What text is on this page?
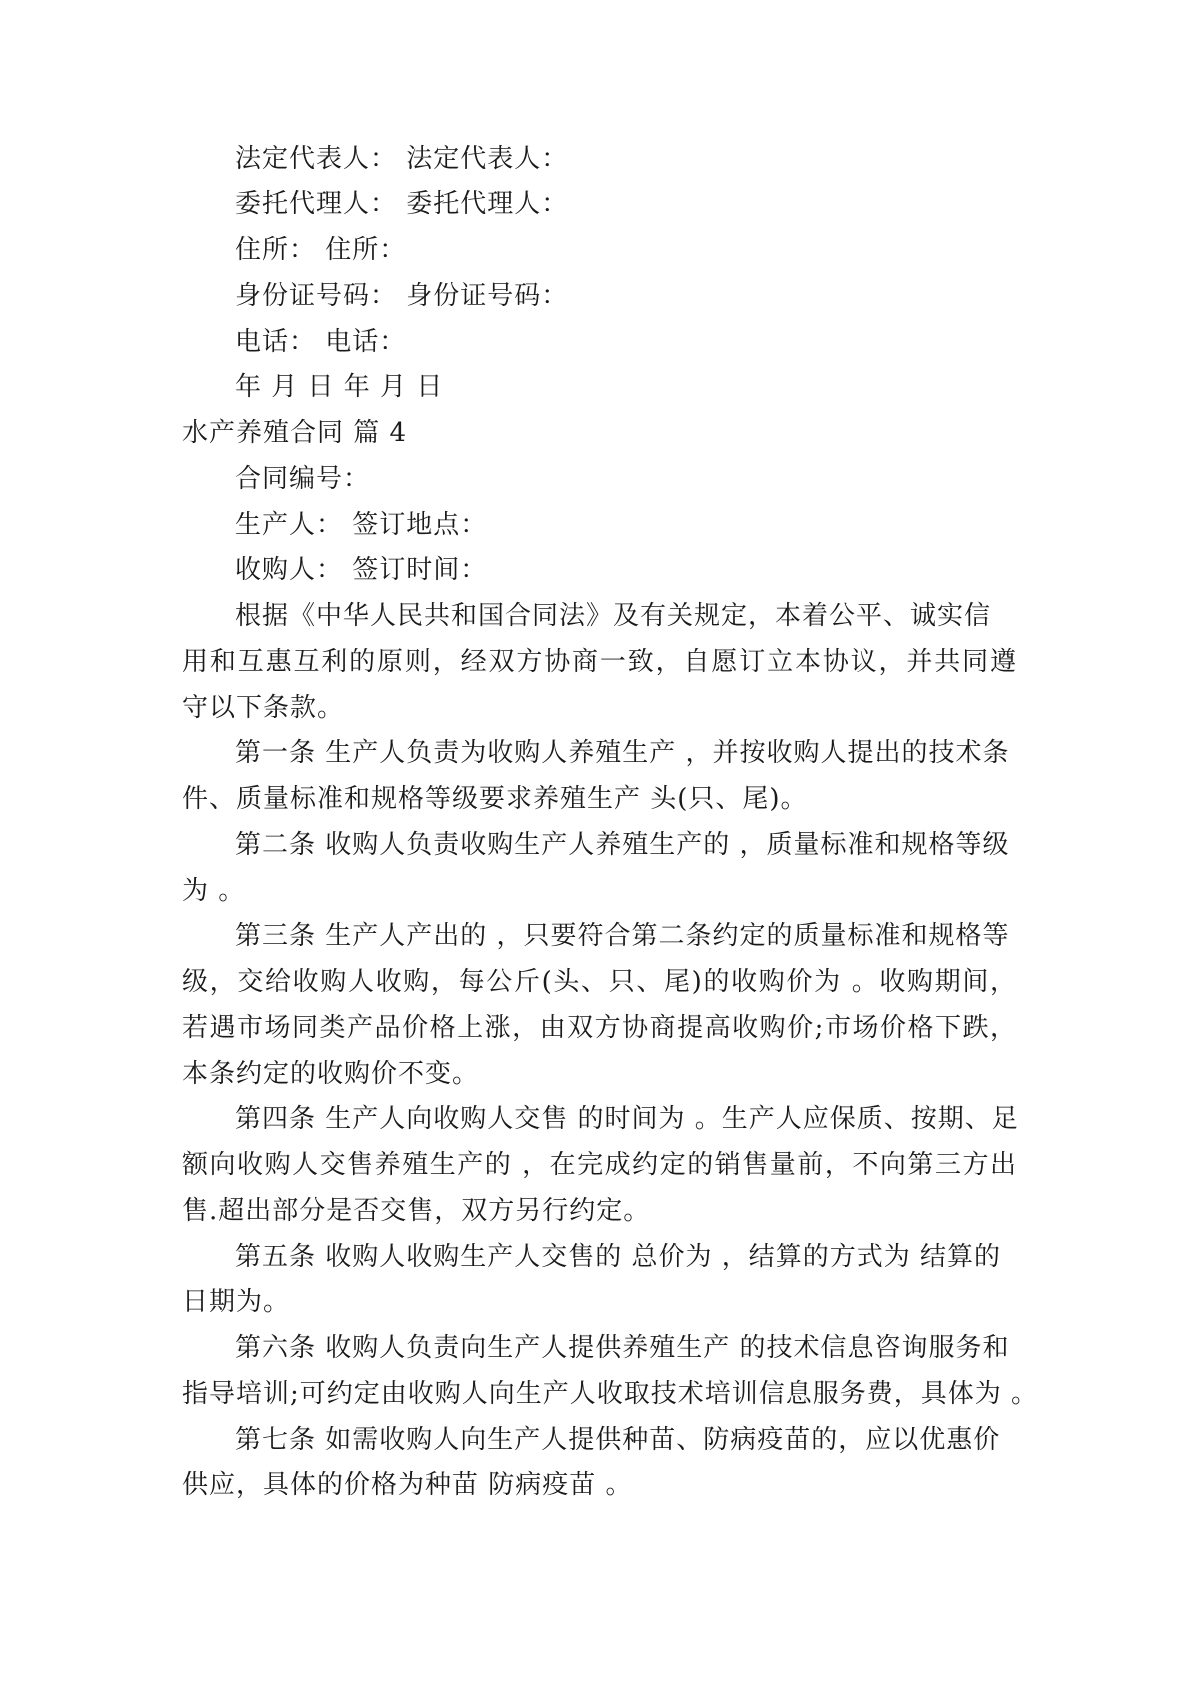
法定代表人： 法定代表人：
委托代理人： 委托代理人：
住所： 住所：
身份证号码： 身份证号码：
电话： 电话：
年 月 日 年 月 日
水产养殖合同 篇 4
合同编号：
生产人： 签订地点：
收购人： 签订时间：
根据《中华人民共和国合同法》及有关规定，本着公平、诚实信
用和互惠互利的原则，经双方协商一致，自愿订立本协议，并共同遵
守以下条款。
第一条 生产人负责为收购人养殖生产 ，并按收购人提出的技术条
件、质量标准和规格等级要求养殖生产 头(只、尾)。
第二条 收购人负责收购生产人养殖生产的 ，质量标准和规格等级
为 。
第三条 生产人产出的 ，只要符合第二条约定的质量标准和规格等
级，交给收购人收购，每公斤(头、只、尾)的收购价为 。收购期间，
若遇市场同类产品价格上涨，由双方协商提高收购价;市场价格下跌，
本条约定的收购价不变。
第四条 生产人向收购人交售 的时间为 。生产人应保质、按期、足
额向收购人交售养殖生产的 ，在完成约定的销售量前，不向第三方出
售.超出部分是否交售，双方另行约定。
第五条 收购人收购生产人交售的 总价为 ，结算的方式为 结算的
日期为。
第六条 收购人负责向生产人提供养殖生产 的技术信息咨询服务和
指导培训;可约定由收购人向生产人收取技术培训信息服务费，具体为 。
第七条 如需收购人向生产人提供种苗、防病疫苗的，应以优惠价
供应，具体的价格为种苗 防病疫苗 。
